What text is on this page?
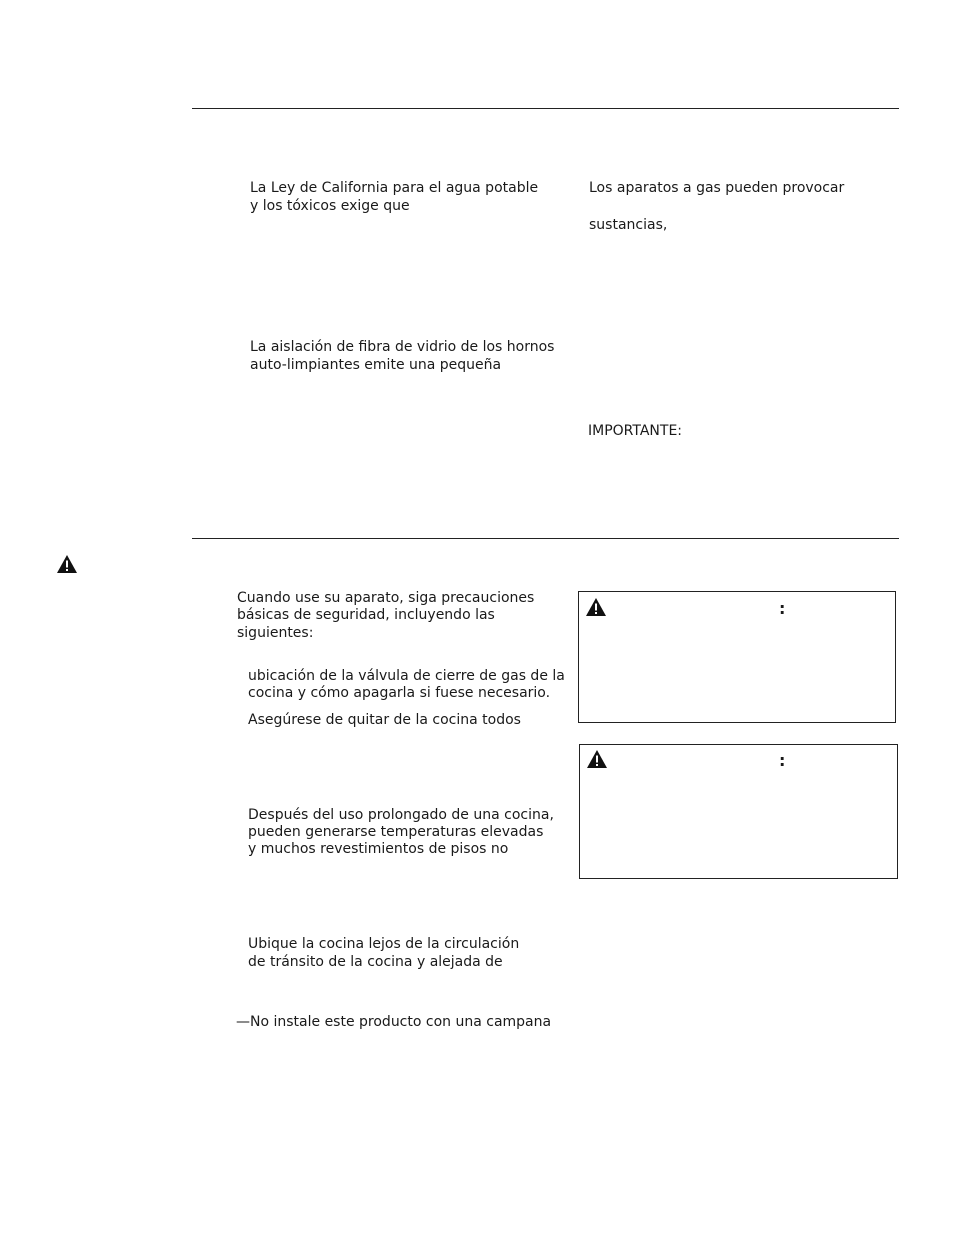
La Ley de California para el agua potable
y los tóxicos exige que
La aislación de fibra de vidrio de los hornos
auto-limpiantes emite una pequeña
Los aparatos a gas pueden provocar
sustancias,
IMPORTANTE:
Cuando use su aparato, siga precauciones
básicas de seguridad, incluyendo las
siguientes:
ubicación de la válvula de cierre de gas de la
cocina y cómo apagarla si fuese necesario.
Asegúrese de quitar de la cocina todos
Después del uso prolongado de una cocina,
pueden generarse temperaturas elevadas
y muchos revestimientos de pisos no
Ubique la cocina lejos de la circulación
de tránsito de la cocina y alejada de
—No instale este producto con una campana
:
:
